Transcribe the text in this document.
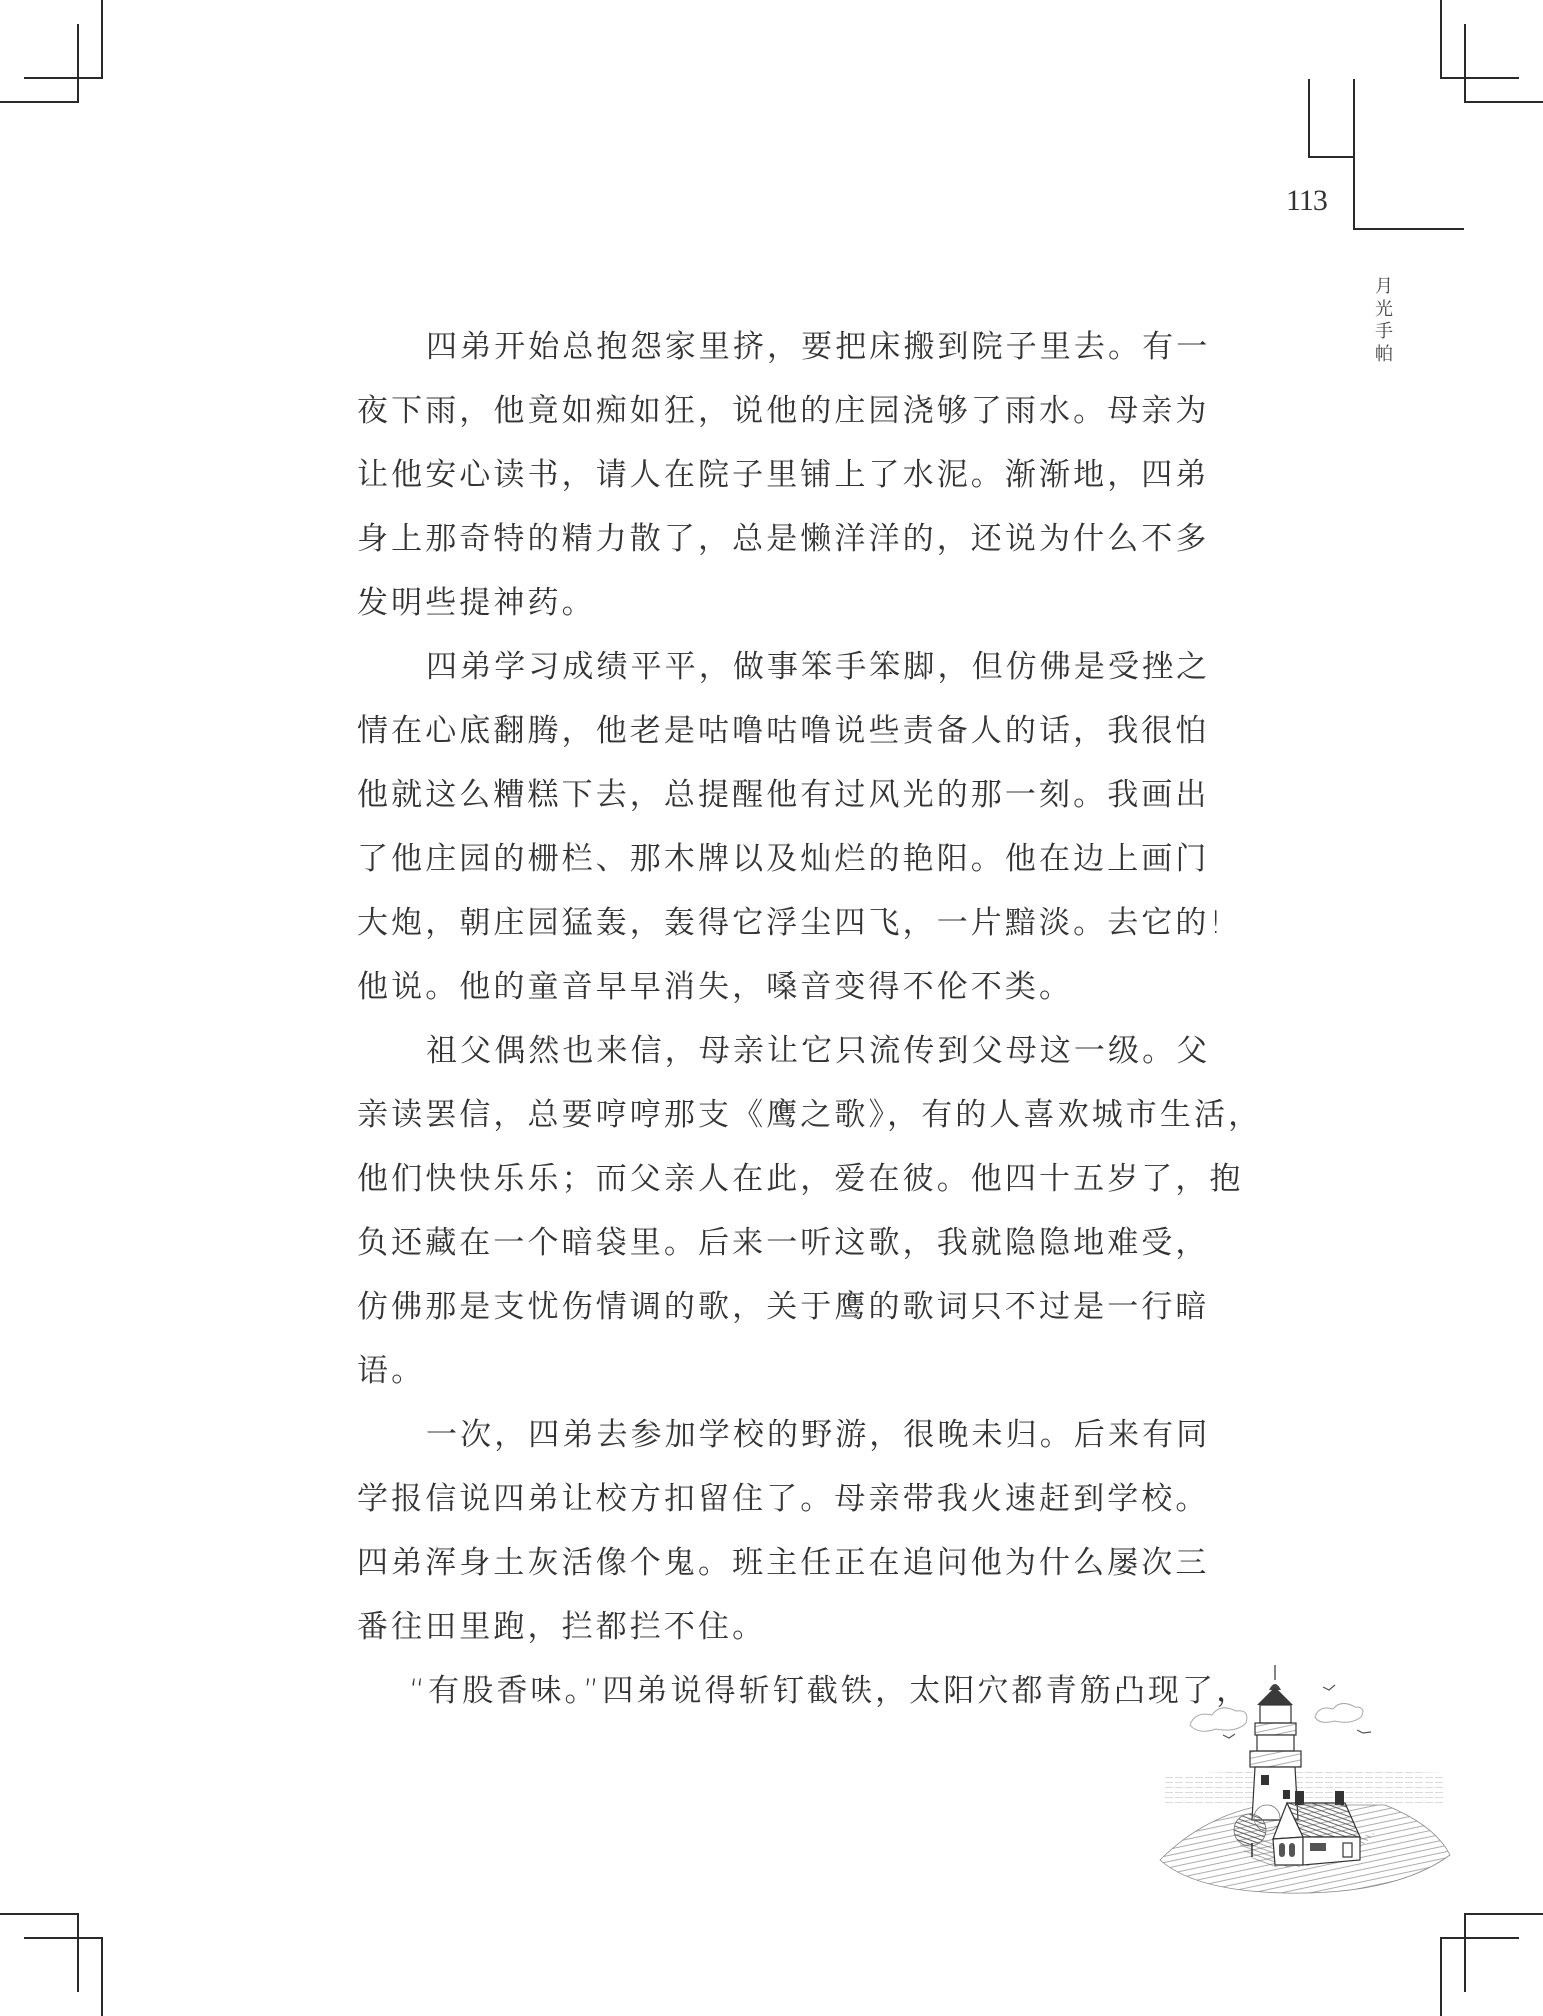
113
月
光
手
帕
四弟开始总抱怨家里挤，要把床搬到院子里去。有一
夜下雨，他竟如痴如狂，说他的庄园浇够了雨水。母亲为
让他安心读书，请人在院子里铺上了水泥。渐渐地，四弟
身上那奇特的精力散了，总是懒洋洋的，还说为什么不多
发明些提神药。
四弟学习成绩平平，做事笨手笨脚，但仿佛是受挫之
情在心底翻腾，他老是咕噜咕噜说些责备人的话，我很怕
他就这么糟糕下去，总提醒他有过风光的那一刻。我画出
了他庄园的栅栏、那木牌以及灿烂的艳阳。他在边上画门
大炮，朝庄园猛轰，轰得它浮尘四飞，一片黯淡。去它的!
他说。他的童音早早消失，嗓音变得不伦不类。
祖父偶然也来信，母亲让它只流传到父母这一级。父
亲读罢信，总要哼哼那支《鹰之歌》，有的人喜欢城市生活，
他们快快乐乐；而父亲人在此，爱在彼。他四十五岁了，抱
负还藏在一个暗袋里。后来一听这歌，我就隐隐地难受，
仿佛那是支忧伤情调的歌，关于鹰的歌词只不过是一行暗
语。
一次，四弟去参加学校的野游，很晚未归。后来有同
学报信说四弟让校方扣留住了。母亲带我火速赶到学校。
四弟浑身土灰活像个鬼。班主任正在追问他为什么屡次三
番往田里跑，拦都拦不住。
“有股香味。”四弟说得斩钉截铁，太阳穴都青筋凸现了，
